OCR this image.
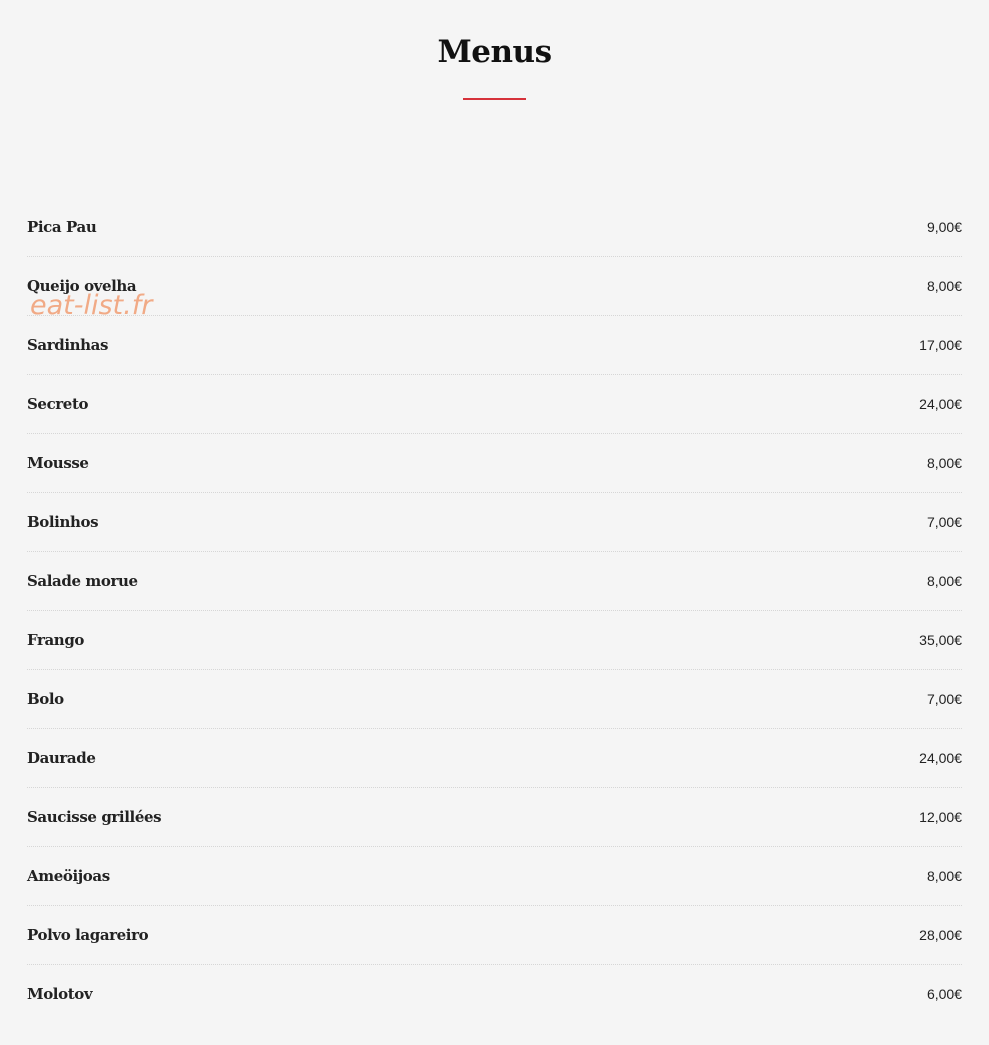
Menus
Pica Pau	9,00€
Queijo ovelha	8,00€
Sardinhas	17,00€
Secreto	24,00€
Mousse	8,00€
Bolinhos	7,00€
Salade morue	8,00€
Frango	35,00€
Bolo	7,00€
Daurade	24,00€
Saucisse grillées	12,00€
Ameöijoas	8,00€
Polvo lagareiro	28,00€
Molotov	6,00€
eat-list.fr
